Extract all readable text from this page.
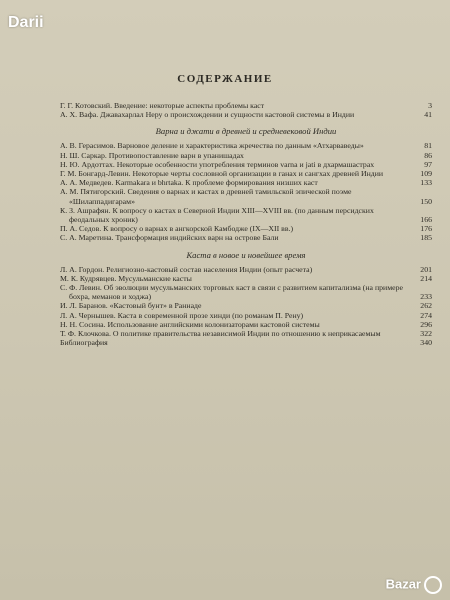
Darii
СОДЕРЖАНИЕ
Г. Г. Котовский. Введение: некоторые аспекты проблемы каст	3
А. Х. Вафа. Джавахарлал Неру о происхождении и сущности кастовой системы в Индии	41
Варна и джати в древней и средневековой Индии
А. В. Герасимов. Варновое деление и характеристика жречества по данным «Атхарваведы»	81
Н. Ш. Саркар. Противопоставление варн в упанишадах	86
Н. Ю. Ардоттах. Некоторые особенности употребления терминов varna и jati в дхармашастрах	97
Г. М. Бонгард-Левин. Некоторые черты сословной организации в ганах и сангхах древней Индии	109
А. А. Медведев. Karmakara и bhrtaka. К проблеме формирования низших каст	133
А. М. Пятигорский. Сведения о варнах и кастах в древней тамильской эпической поэме «Шилаппадигарам»	150
К. З. Ашрафян. К вопросу о кастах в Северной Индии XIII—XVIII вв. (по данным персидских феодальных хроник)	166
П. А. Седов. К вопросу о варнах в ангкорской Камбодже (IX—XII вв.)	176
С. А. Маретина. Трансформация индийских варн на острове Бали	185
Каста в новое и новейшее время
Л. А. Гордон. Религиозно-кастовый состав населения Индии (опыт расчета)	201
М. К. Кудрявцев. Мусульманские касты	214
С. Ф. Левин. Об эволюции мусульманских торговых каст в связи с развитием капитализма (на примере бохра, меманов и ходжа)	233
И. Л. Баранов. «Кастовый бунт» в Раннаде	262
Л. А. Чернышев. Каста в современной прозе хинди (по романам П. Рену)	274
Н. Н. Сосина. Использование английскими колонизаторами кастовой системы	296
Т. Ф. Клочкова. О политике правительства независимой Индии по отношению к неприкасаемым	322
Библиография	340
Bazar
